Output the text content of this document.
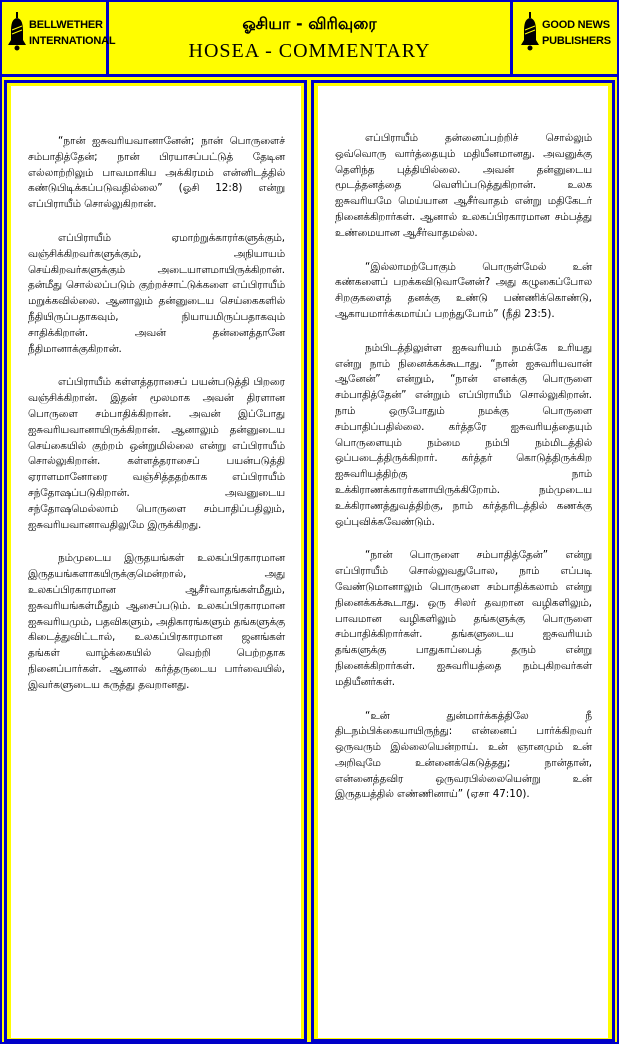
BELLWETHER
INTERNATIONAL
ஓசியா - விரிவுரை
HOSEA - COMMENTARY
GOOD NEWS
PUBLISHERS

“நான் ஐசுவரியவானானேன்; நான் பொருளைச் சம்பாதித்தேன்; நான் பிரயாசப்பட்டுத் தேடின எல்லாற்றிலும் பாவமாகிய அக்கிரமம் என்னிடத்தில் கண்டுபிடிக்கப்படுவதில்லை” (ஓசி 12:8) என்று எப்பிராயீம் சொல்லுகிறான்.

எப்பிராயீம் ஏமாற்றுக்காரர்களுக்கும், வஞ்சிக்கிறவர்களுக்கும், அநியாயம் செய்கிறவர்களுக்கும் அடையாளமாயிருக்கிறான். தன்மீது சொல்லப்படும் குற்றச்சாட்டுக்களை எப்பிராயீம் மறுக்கவில்லை. ஆனாலும் தன்னுடைய செய்கைகளில் நீதியிருப்பதாகவும், நியாயமிருப்பதாகவும் சாதிக்கிறான். அவன் தன்னைத்தானே நீதிமானாக்குகிறான்.

எப்பிராயீம் கள்ளத்தராசைப் பயன்படுத்தி பிறரை வஞ்சிக்கிறான். இதன் மூலமாக அவன் திரளான பொருளை சம்பாதிக்கிறான். அவன் இப்போது ஐசுவரியவானாயிருக்கிறான். ஆனாலும் தன்னுடைய செய்கையில் குற்றம் ஒன்றுமில்லை என்று எப்பிராயீம் சொல்லுகிறான். கள்ளத்தராசைப் பயன்படுத்தி ஏராளமானோரை வஞ்சித்ததற்காக எப்பிராயீம் சந்தோஷப்படுகிறான். அவனுடைய சந்தோஷமெல்லாம் பொருளை சம்பாதிப்பதிலும், ஐசுவரியவானாவதிலுமே இருக்கிறது.

நம்முடைய இருதயங்கள் உலகப்பிரகாரமான இருதயங்களாகயிருக்குமென்றால், அது உலகப்பிரகாரமான ஆசீர்வாதங்கள்மீதும், ஐசுவரியங்கள்மீதும் ஆசைப்படும். உலகப்பிரகாரமான ஐசுவரியமும், பதவிகளும், அதிகாரங்களும் தங்களுக்கு கிடைத்துவிட்டால், உலகப்பிரகாரமான ஜனங்கள் தங்கள் வாழ்க்கையில் வெற்றி பெற்றதாக நினைப்பார்கள். ஆனால் கர்த்தருடைய பார்வையில், இவர்களுடைய கருத்து தவறானது.

எப்பிராயீம் தன்னைப்பற்றிச் சொல்லும் ஒவ்வொரு வார்த்தையும் மதியீனமானது. அவனுக்கு தெளிந்த புத்தியில்லை. அவன் தன்னுடைய மூடத்தனத்தை வெளிப்படுத்துகிறான். உலக ஐசுவரியமே மெய்யான ஆசீர்வாதம் என்று மதிகேடர் நினைக்கிறார்கள். ஆனால் உலகப்பிரகாரமான சம்பத்து உண்மையான ஆசீர்வாதமல்ல.

“இல்லாமற்போகும் பொருள்மேல் உன் கண்களைப் பறக்கவிடுவானேன்? அது கழுகைப்போல சிறகுகளைத் தனக்கு உண்டு பண்ணிக்கொண்டு, ஆகாயமார்க்கமாய்ப் பறந்துபோம்” (நீதி 23:5).

நம்பிடத்திலுள்ள ஐசுவரியம் நமக்கே உரியது என்று நாம் நினைக்கக்கூடாது. “நான் ஐசுவரியவான் ஆனேன்” என்றும், “நான் எனக்கு பொருளை சம்பாதித்தேன்” என்றும் எப்பிராயீம் சொல்லுகிறான். நாம் ஒருபோதும் நமக்கு பொருளை சம்பாதிப்பதில்லை. கர்த்தரே ஐசுவரியத்தையும் பொருளையும் நம்மை நம்பி நம்மிடத்தில் ஒப்படைத்திருக்கிறார். கர்த்தர் கொடுத்திருக்கிற ஐசுவரியத்திற்கு நாம் உக்கிராணக்காரர்களாயிருக்கிறோம். நம்முடைய உக்கிராணத்துவத்திற்கு, நாம் கர்த்தரிடத்தில் கணக்கு ஒப்புவிக்கவேண்டும்.

“நான் பொருளை சம்பாதித்தேன்” என்று எப்பிராயீம் சொல்லுவதுபோல, நாம் எப்படி வேண்டுமானாலும் பொருளை சம்பாதிக்கலாம் என்று நினைக்கக்கூடாது. ஒரு சிலர் தவறான வழிகளிலும், பாவமான வழிகளிலும் தங்களுக்கு பொருளை சம்பாதிக்கிறார்கள். தங்களுடைய ஐசுவரியம் தங்களுக்கு பாதுகாப்பைத் தரும் என்று நினைக்கிறார்கள். ஐசுவரியத்தை நம்புகிறவர்கள் மதியீனர்கள்.

“உன் துன்மார்க்கத்திலே நீ திடநம்பிக்கையாயிருந்து: என்னைப் பார்க்கிறவர் ஒருவரும் இல்லையென்றாய். உன் ஞானமும் உன் அறிவுமே உன்னைக்கெடுத்தது; நான்தான், என்னைத்தவிர ஒருவரபில்லையென்று உன் இருதயத்தில் எண்ணினாய்” (ஏசா 47:10).
